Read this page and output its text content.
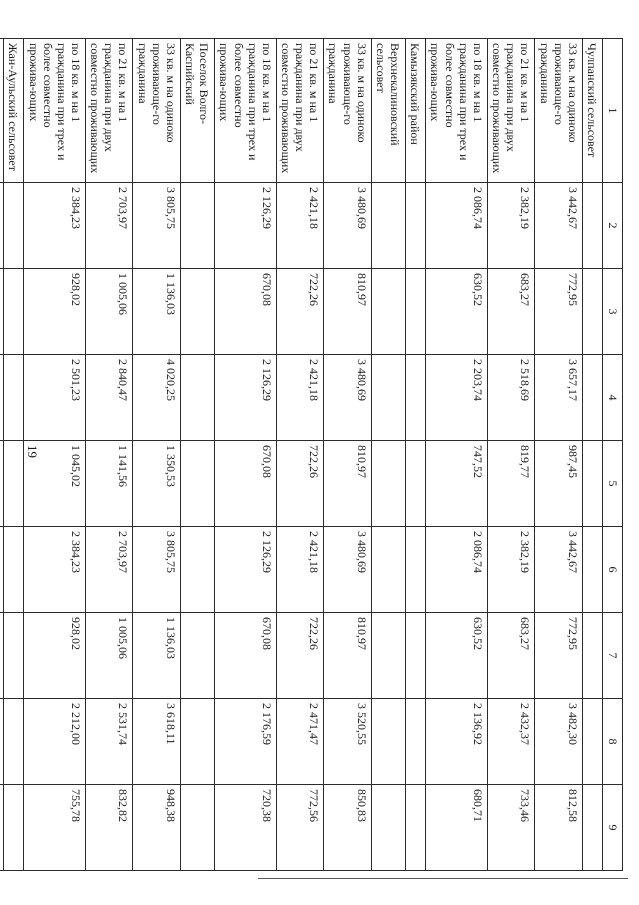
19
1	2	3	4	5	6	7	8	9
Чулпанский сельсовет								
33 кв. м на одиноко проживающе-го гражданина	3 442,67	772,95	3 657,17	987,45	3 442,67	772,95	3 482,30	812,58
по 21 кв. м на 1 гражданина при двух совместно проживающих	2 382,19	683,27	2 518,69	819,77	2 382,19	683,27	2 432,37	733,46
по 18 кв. м на 1 гражданина при трех и более совместно прожива-ющих	2 086,74	630,52	2 203,74	747,52	2 086,74	630,52	2 136,92	680,71
Камызякский район								
Верхнекалиновский сельсовет								
33 кв. м на одиноко проживающе-го гражданина	3 480,69	810,97	3 480,69	810,97	3 480,69	810,97	3 520,55	850,83
по 21 кв. м на 1 гражданина при двух совместно проживающих	2 421,18	722,26	2 421,18	722,26	2 421,18	722,26	2 471,47	772,56
по 18 кв. м на 1 гражданина при трех и более совместно прожива-ющих	2 126,29	670,08	2 126,29	670,08	2 126,29	670,08	2 176,59	720,38
Поселок Волго-Каспийский								
33 кв. м на одиноко проживающе-го гражданина	3 805,75	1 136,03	4 020,25	1 350,53	3 805,75	1 136,03	3 618,11	948,38
по 21 кв. м на 1 гражданина при двух совместно проживающих	2 703,97	1 005,06	2 840,47	1 141,56	2 703,97	1 005,06	2 531,74	832,82
по 18 кв. м на 1 гражданина при трех и более совместно прожива-ющих	2 384,23	928,02	2 501,23	1 045,02	2 384,23	928,02	2 212,00	755,78
Жан-Аульский сельсовет								
